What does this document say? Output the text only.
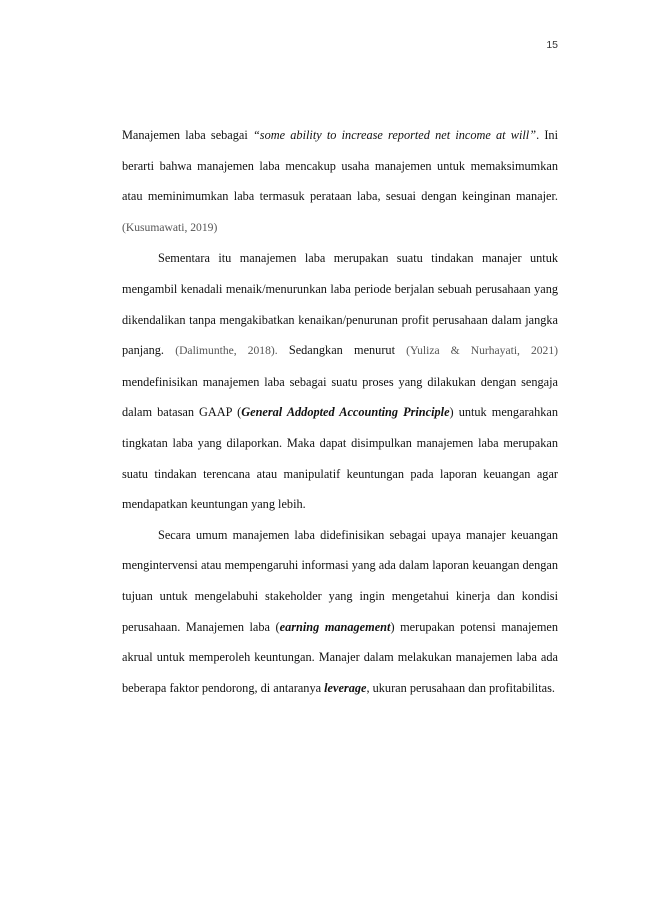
15

Manajemen laba sebagai “some ability to increase reported net income at will”. Ini berarti bahwa manajemen laba mencakup usaha manajemen untuk memaksimumkan atau meminimumkan laba termasuk perataan laba, sesuai dengan keinginan manajer. (Kusumawati, 2019)

Sementara itu manajemen laba merupakan suatu tindakan manajer untuk mengambil kenadali menaik/menurunkan laba periode berjalan sebuah perusahaan yang dikendalikan tanpa mengakibatkan kenaikan/penurunan profit perusahaan dalam jangka panjang. (Dalimunthe, 2018). Sedangkan menurut (Yuliza & Nurhayati, 2021) mendefinisikan manajemen laba sebagai suatu proses yang dilakukan dengan sengaja dalam batasan GAAP (General Addopted Accounting Principle) untuk mengarahkan tingkatan laba yang dilaporkan. Maka dapat disimpulkan manajemen laba merupakan suatu tindakan terencana atau manipulatif keuntungan pada laporan keuangan agar mendapatkan keuntungan yang lebih.

Secara umum manajemen laba didefinisikan sebagai upaya manajer keuangan mengintervensi atau mempengaruhi informasi yang ada dalam laporan keuangan dengan tujuan untuk mengelabuhi stakeholder yang ingin mengetahui kinerja dan kondisi perusahaan. Manajemen laba (earning management) merupakan potensi manajemen akrual untuk memperoleh keuntungan. Manajer dalam melakukan manajemen laba ada beberapa faktor pendorong, di antaranya leverage, ukuran perusahaan dan profitabilitas.
